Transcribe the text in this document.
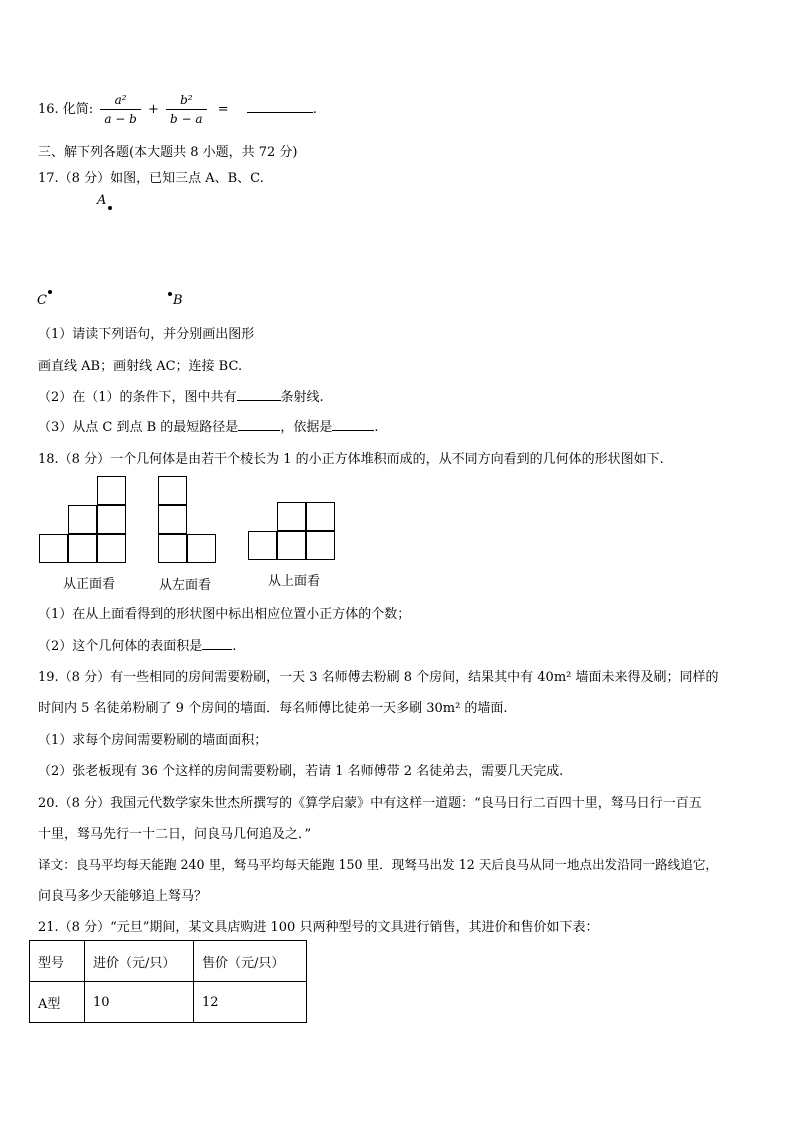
16. 化简: $\frac{\text{a²}}{a - b} + \frac{\text{b²}}{b - a}$ =	.
三、解下列各题(本大题共 8 小题，共 72 分)
17.（8 分）如图，已知三点 A、B、C.
A
C	B
（1）请读下列语句，并分别画出图形
画直线 AB；画射线 AC；连接 BC.
（2）在（1）的条件下，图中共有	条射线.
（3）从点 C 到点 B 的最短路径是	，依据是	.
18.（8 分）一个几何体是由若干个棱长为 1 的小正方体堆积而成的，从不同方向看到的几何体的形状图如下.
从正面看	从左面看	从上面看
（1）在从上面看得到的形状图中标出相应位置小正方体的个数；
（2）这个几何体的表面积是 .
19.（8 分）有一些相同的房间需要粉刷，一天 3 名师傅去粉刷 8 个房间，结果其中有 40m² 墙面未来得及刷；同样的
时间内 5 名徒弟粉刷了 9 个房间的墙面．每名师傅比徒弟一天多刷 30m² 的墙面.
（1）求每个房间需要粉刷的墙面面积；
（2）张老板现有 36 个这样的房间需要粉刷，若请 1 名师傅带 2 名徒弟去，需要几天完成.
20.（8 分）我国元代数学家朱世杰所撰写的《算学启蒙》中有这样一道题：“良马日行二百四十里，驽马日行一百五
十里，驽马先行一十二日，问良马几何追及之．”
译文：良马平均每天能跑 240 里，驽马平均每天能跑 150 里．现驽马出发 12 天后良马从同一地点出发沿同一路线追它，
问良马多少天能够追上驽马？
21.（8 分）“元旦”期间，某文具店购进 100 只两种型号的文具进行销售，其进价和售价如下表：
型号	进价（元/只）	售价（元/只）
A型	10	12
